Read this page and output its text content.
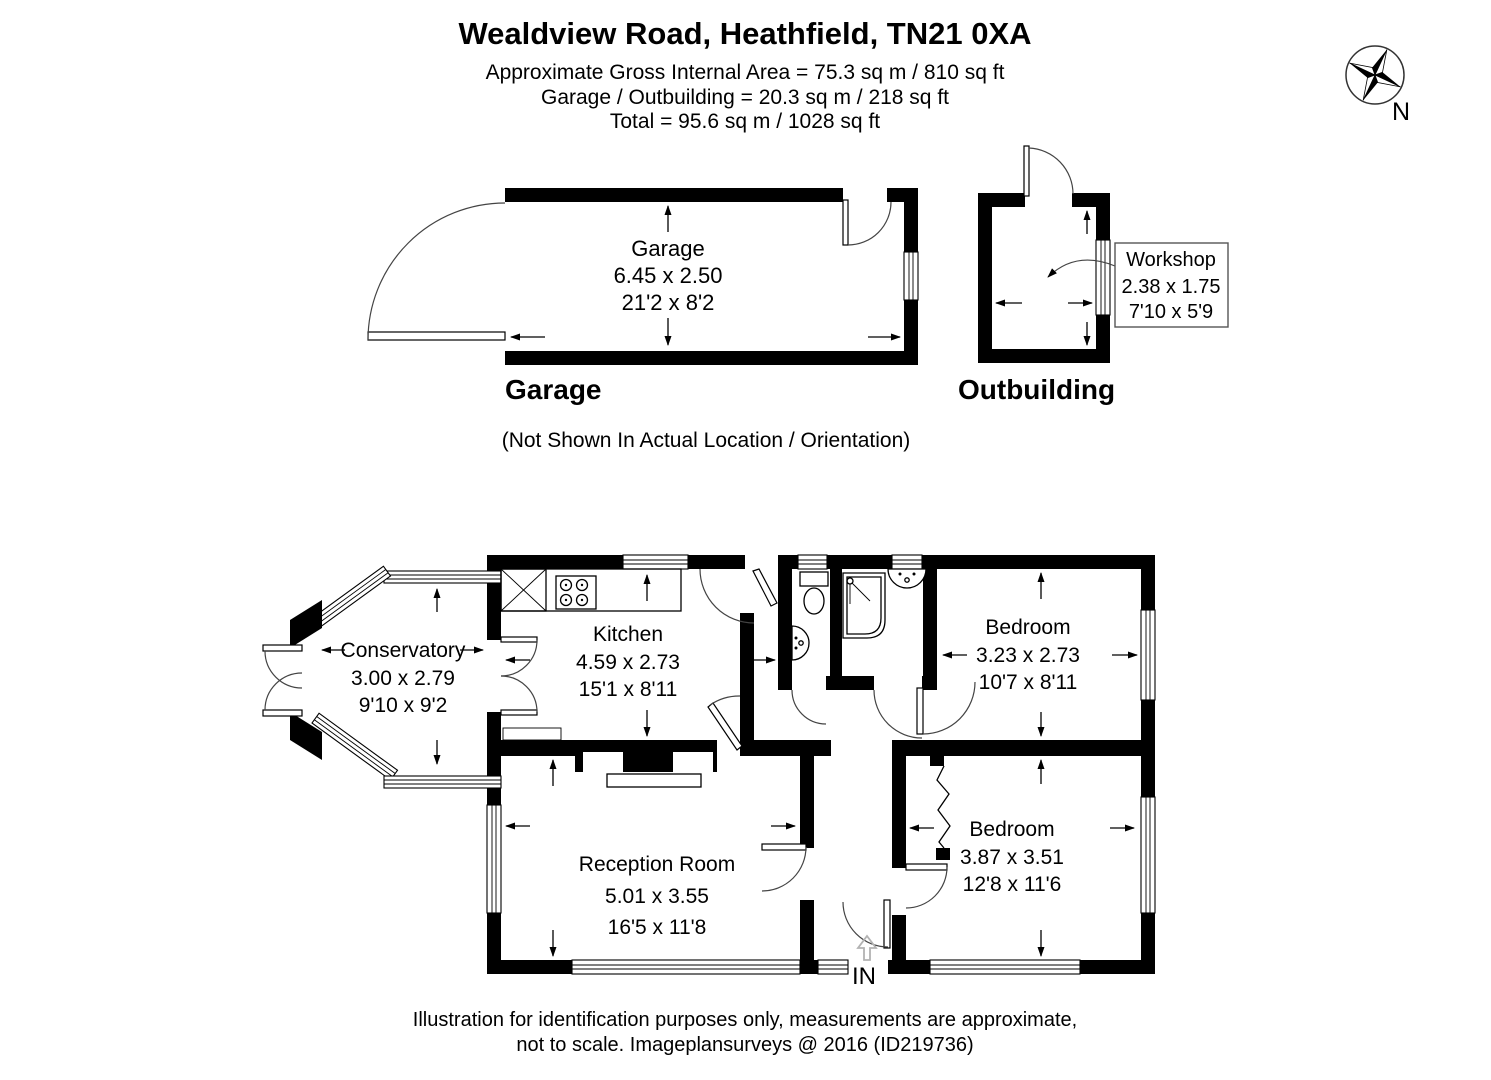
Wealdview Road, Heathfield, TN21 0XA
Approximate Gross Internal Area = 75.3 sq m / 810 sq ft
Garage / Outbuilding = 20.3 sq m / 218 sq ft
Total = 95.6 sq m / 1028 sq ft	N
Garage
6.45 x 2.50
21'2 x 8'2
Garage
Workshop
2.38 x 1.75
7'10 x 5'9
Outbuilding
(Not Shown In Actual Location / Orientation)
Conservatory
3.00 x 2.79
9'10 x 9'2
Kitchen
4.59 x 2.73
15'1 x 8'11
Bedroom
3.23 x 2.73
10'7 x 8'11
Reception Room
5.01 x 3.55
16'5 x 11'8
Bedroom
3.87 x 3.51
12'8 x 11'6
IN
Illustration for identification purposes only, measurements are approximate,
not to scale. Imageplansurveys @ 2016 (ID219736)
